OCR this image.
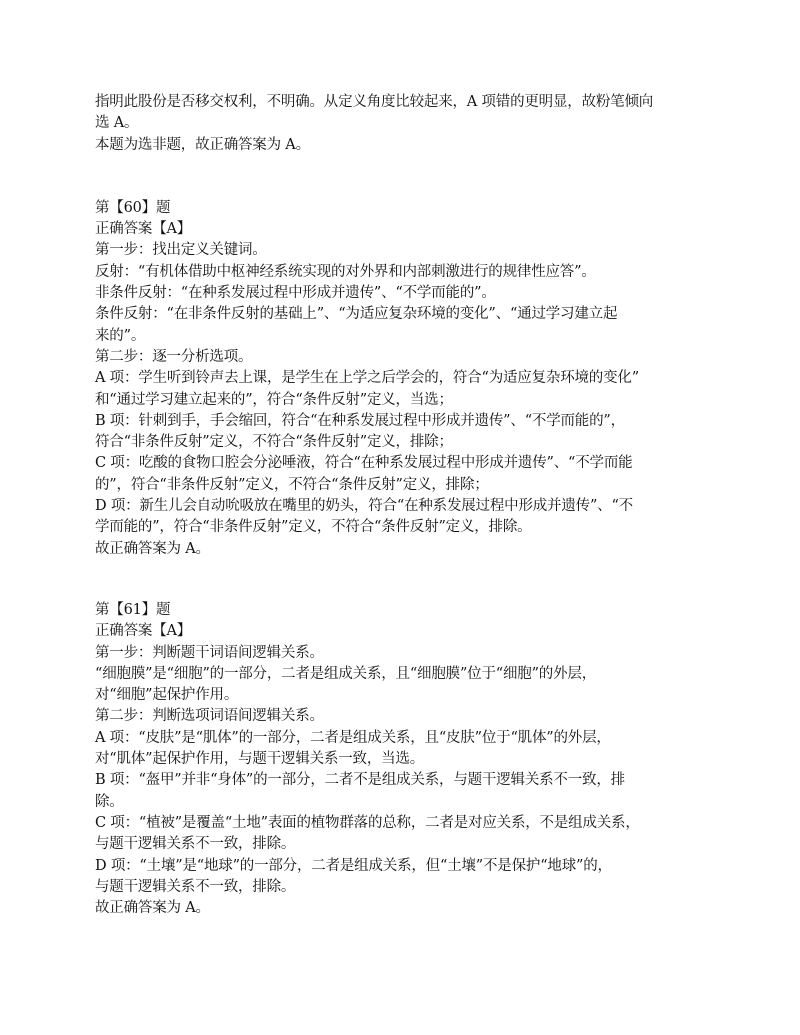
指明此股份是否移交权利，不明确。从定义角度比较起来，A 项错的更明显，故粉笔倾向
选 A。
本题为选非题，故正确答案为 A。
第【60】题
正确答案【A】
第一步：找出定义关键词。
反射：“有机体借助中枢神经系统实现的对外界和内部刺激进行的规律性应答”。
非条件反射：“在种系发展过程中形成并遗传”、“不学而能的”。
条件反射：“在非条件反射的基础上”、“为适应复杂环境的变化”、“通过学习建立起
来的”。
第二步：逐一分析选项。
A 项：学生听到铃声去上课，是学生在上学之后学会的，符合“为适应复杂环境的变化”
和“通过学习建立起来的”，符合“条件反射”定义，当选；
B 项：针刺到手，手会缩回，符合“在种系发展过程中形成并遗传”、“不学而能的”，
符合“非条件反射”定义，不符合“条件反射”定义，排除；
C 项：吃酸的食物口腔会分泌唾液，符合“在种系发展过程中形成并遗传”、“不学而能
的”，符合“非条件反射”定义，不符合“条件反射”定义，排除；
D 项：新生儿会自动吮吸放在嘴里的奶头，符合“在种系发展过程中形成并遗传”、“不
学而能的”，符合“非条件反射”定义，不符合“条件反射”定义，排除。
故正确答案为 A。
第【61】题
正确答案【A】
第一步：判断题干词语间逻辑关系。
“细胞膜”是“细胞”的一部分，二者是组成关系，且“细胞膜”位于“细胞”的外层，
对“细胞”起保护作用。
第二步：判断选项词语间逻辑关系。
A 项：“皮肤”是“肌体”的一部分，二者是组成关系，且“皮肤”位于“肌体”的外层，
对“肌体”起保护作用，与题干逻辑关系一致，当选。
B 项：“盔甲”并非“身体”的一部分，二者不是组成关系，与题干逻辑关系不一致，排
除。
C 项：“植被”是覆盖“土地”表面的植物群落的总称，二者是对应关系，不是组成关系，
与题干逻辑关系不一致，排除。
D 项：“土壤”是“地球”的一部分，二者是组成关系，但“土壤”不是保护“地球”的，
与题干逻辑关系不一致，排除。
故正确答案为 A。
